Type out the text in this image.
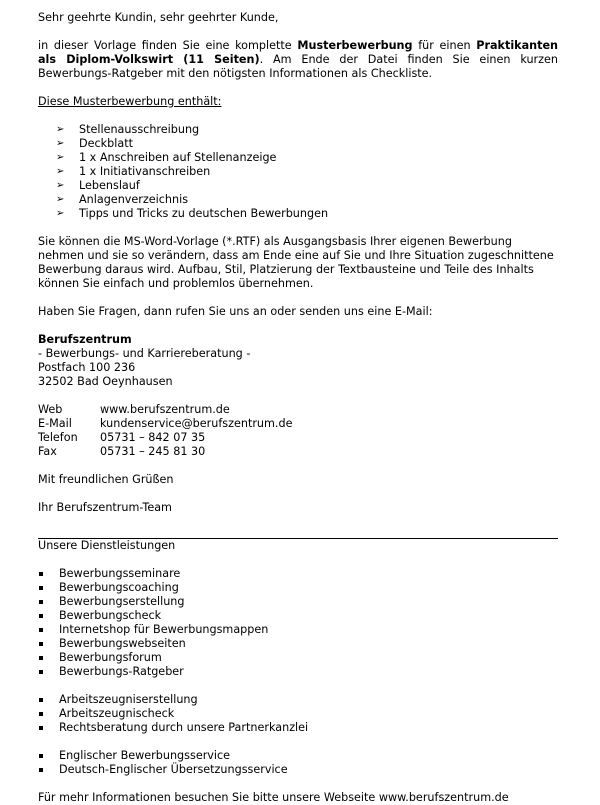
Sehr geehrte Kundin, sehr geehrter Kunde,

in dieser Vorlage finden Sie eine komplette Musterbewerbung für einen Praktikanten als Diplom-Volkswirt (11 Seiten). Am Ende der Datei finden Sie einen kurzen Bewerbungs-Ratgeber mit den nötigsten Informationen als Checkliste.

Diese Musterbewerbung enthält:

➢ Stellenausschreibung
➢ Deckblatt
➢ 1 x Anschreiben auf Stellenanzeige
➢ 1 x Initiativanschreiben
➢ Lebenslauf
➢ Anlagenverzeichnis
➢ Tipps und Tricks zu deutschen Bewerbungen

Sie können die MS-Word-Vorlage (*.RTF) als Ausgangsbasis Ihrer eigenen Bewerbung nehmen und sie so verändern, dass am Ende eine auf Sie und Ihre Situation zugeschnittene Bewerbung daraus wird. Aufbau, Stil, Platzierung der Textbausteine und Teile des Inhalts können Sie einfach und problemlos übernehmen.

Haben Sie Fragen, dann rufen Sie uns an oder senden uns eine E-Mail:

Berufszentrum

- Bewerbungs- und Karriereberatung -

Postfach 100 236

32502 Bad Oeynhausen

Web	www.berufszentrum.de
E-Mail	kundenservice@berufszentrum.de
Telefon	05731 – 842 07 35
Fax	05731 – 245 81 30

Mit freundlichen Grüßen

Ihr Berufszentrum-Team

Unsere Dienstleistungen

Bewerbungsseminare
Bewerbungscoaching
Bewerbungserstellung
Bewerbungscheck
Internetshop für Bewerbungsmappen
Bewerbungswebseiten
Bewerbungsforum
Bewerbungs-Ratgeber
Arbeitszeugniserstellung
Arbeitszeugnischeck
Rechtsberatung durch unsere Partnerkanzlei
Englischer Bewerbungsservice
Deutsch-Englischer Übersetzungsservice

Für mehr Informationen besuchen Sie bitte unsere Webseite www.berufszentrum.de
